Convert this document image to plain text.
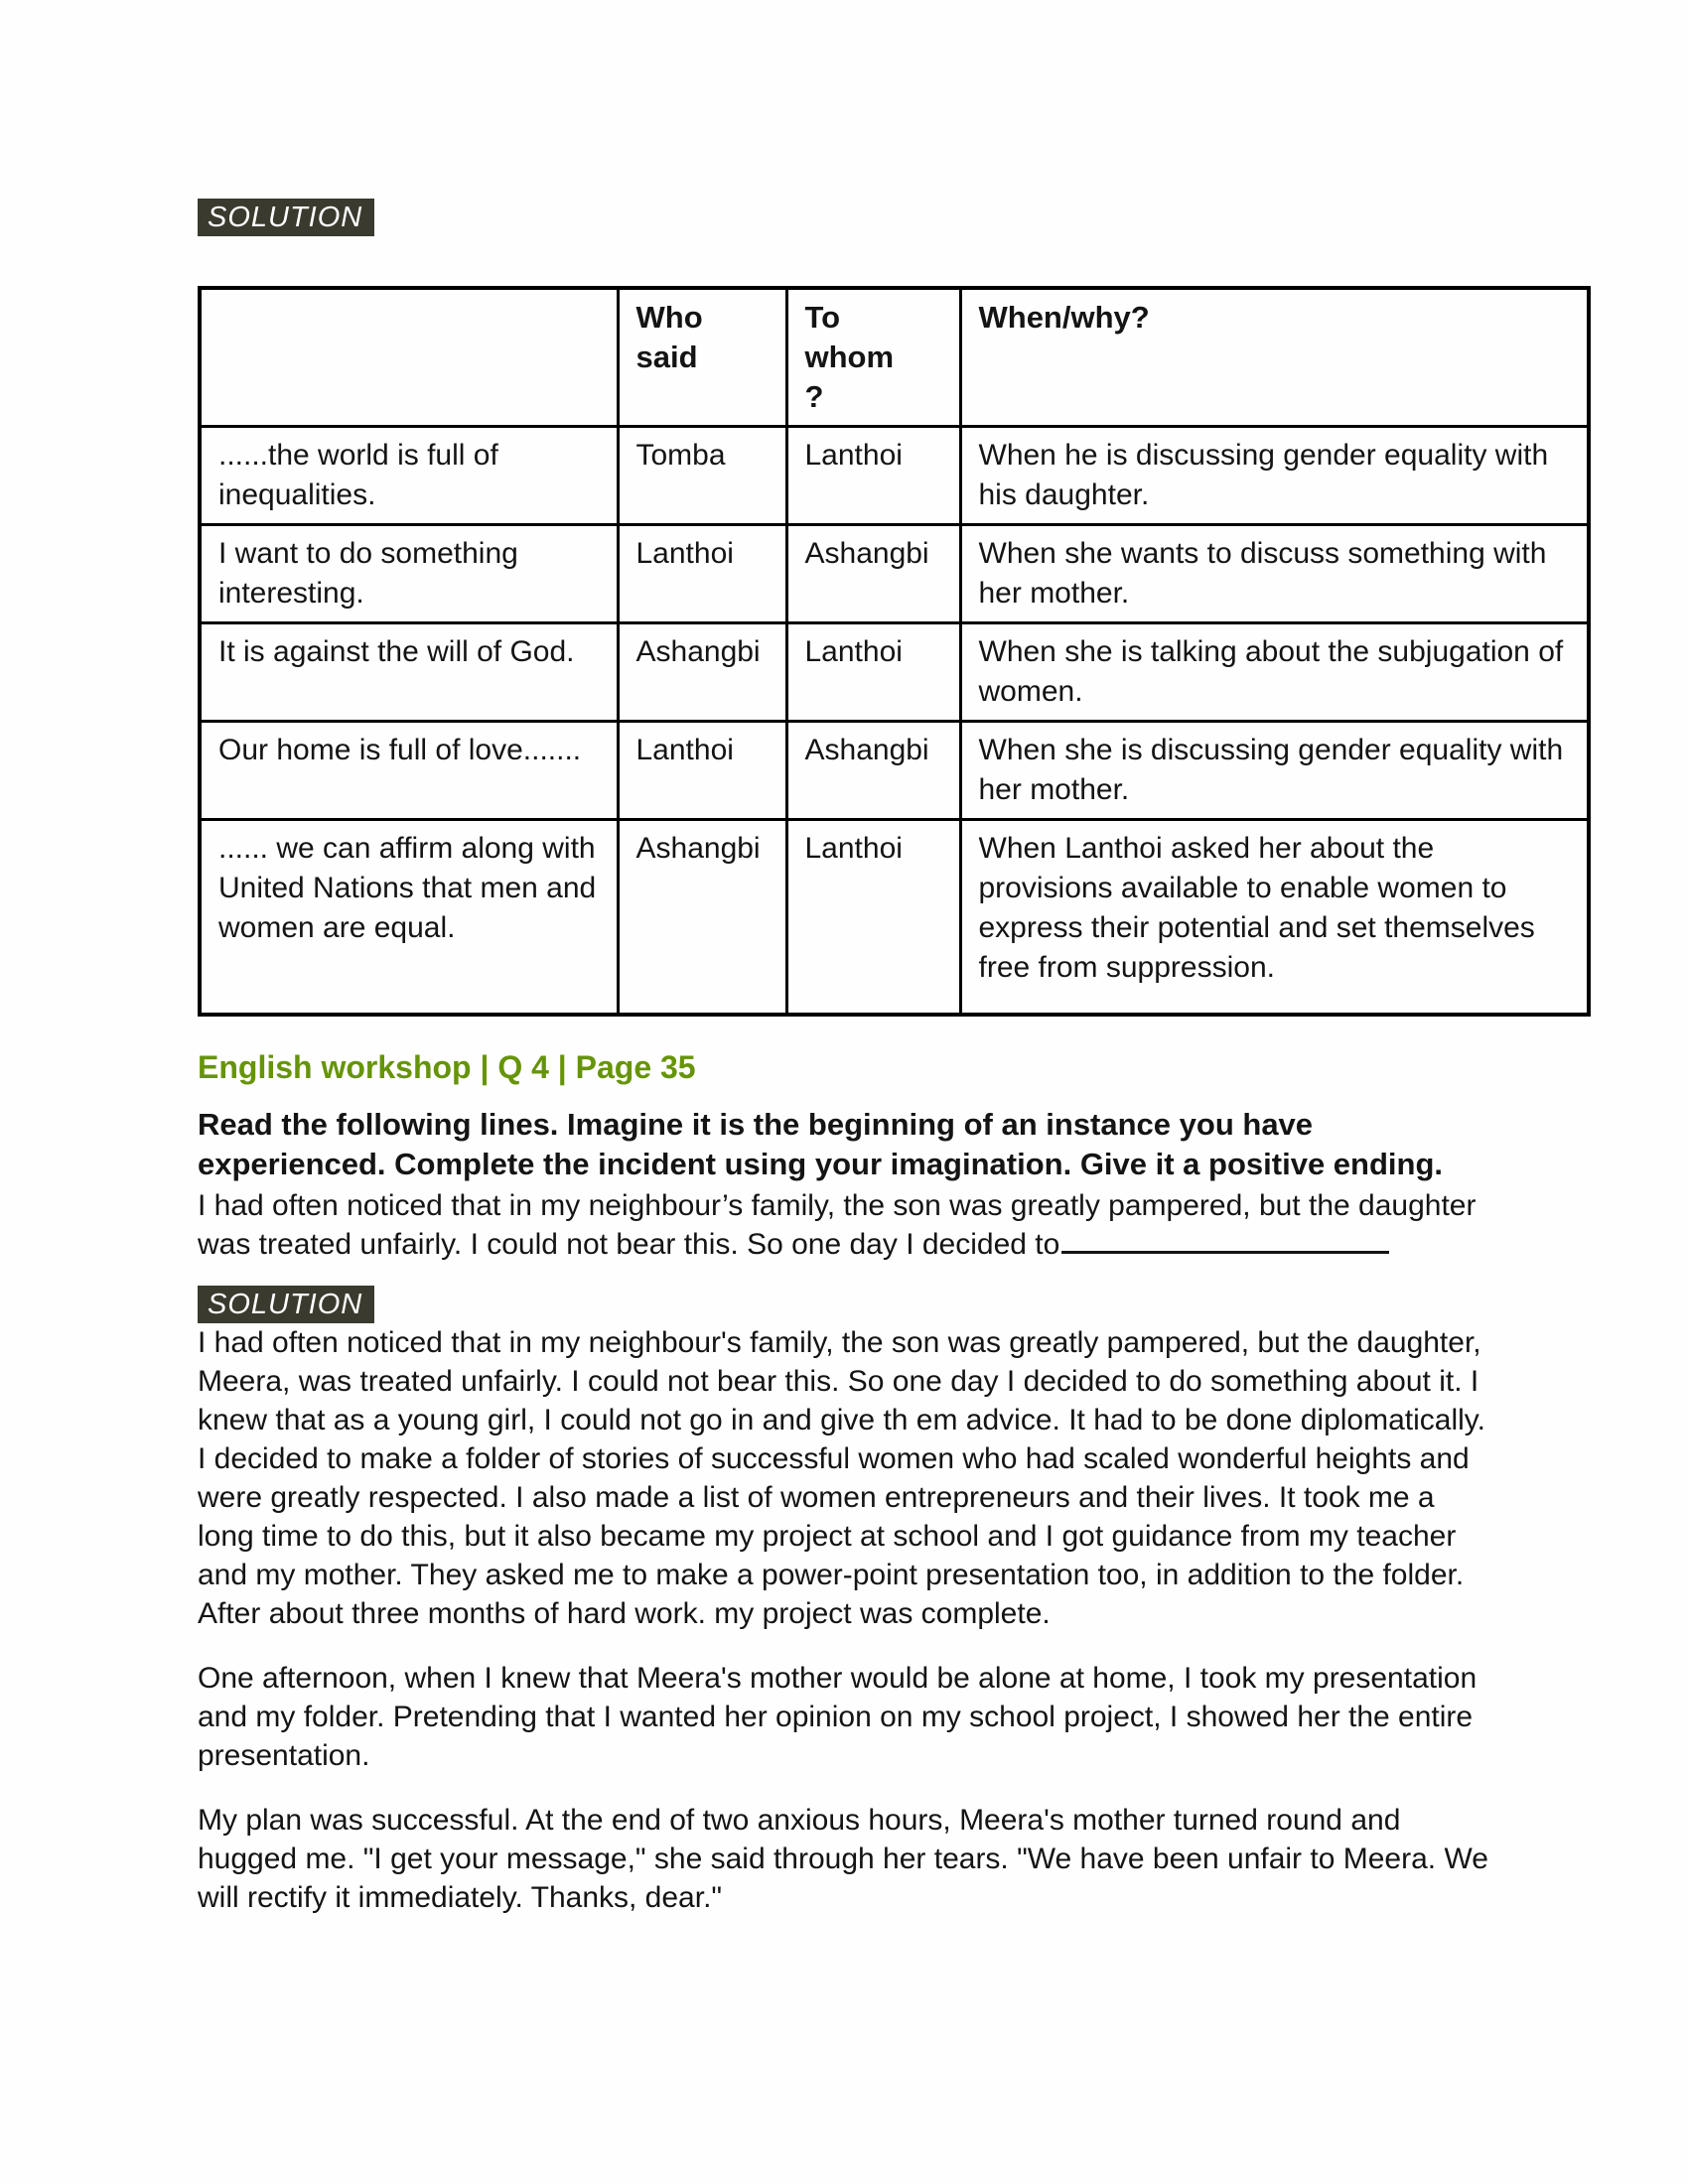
SOLUTION
	Who said	To whom?	When/why?
......the world is full of inequalities.	Tomba	Lanthoi	When he is discussing gender equality with his daughter.
I want to do something interesting.	Lanthoi	Ashangbi	When she wants to discuss something with her mother.
It is against the will of God.	Ashangbi	Lanthoi	When she is talking about the subjugation of women.
Our home is full of love.......	Lanthoi	Ashangbi	When she is discussing gender equality with her mother.
...... we can affirm along with United Nations that men and women are equal.	Ashangbi	Lanthoi	When Lanthoi asked her about the provisions available to enable women to express their potential and set themselves free from suppression.
English workshop | Q 4 | Page 35

Read the following lines. Imagine it is the beginning of an instance you have experienced. Complete the incident using your imagination. Give it a positive ending.

I had often noticed that in my neighbour’s family, the son was greatly pampered, but the daughter was treated unfairly. I could not bear this. So one day I decided to

SOLUTION

I had often noticed that in my neighbour's family, the son was greatly pampered, but the daughter, Meera, was treated unfairly. I could not bear this. So one day I decided to do something about it. I knew that as a young girl, I could not go in and give th em advice. It had to be done diplomatically. I decided to make a folder of stories of successful women who had scaled wonderful heights and were greatly respected. I also made a list of women entrepreneurs and their lives. It took me a long time to do this, but it also became my project at school and I got guidance from my teacher and my mother. They asked me to make a power-point presentation too, in addition to the folder. After about three months of hard work. my project was complete.

One afternoon, when I knew that Meera's mother would be alone at home, I took my presentation and my folder. Pretending that I wanted her opinion on my school project, I showed her the entire presentation.

My plan was successful. At the end of two anxious hours, Meera's mother turned round and hugged me. "I get your message," she said through her tears. "We have been unfair to Meera. We will rectify it immediately. Thanks, dear."
